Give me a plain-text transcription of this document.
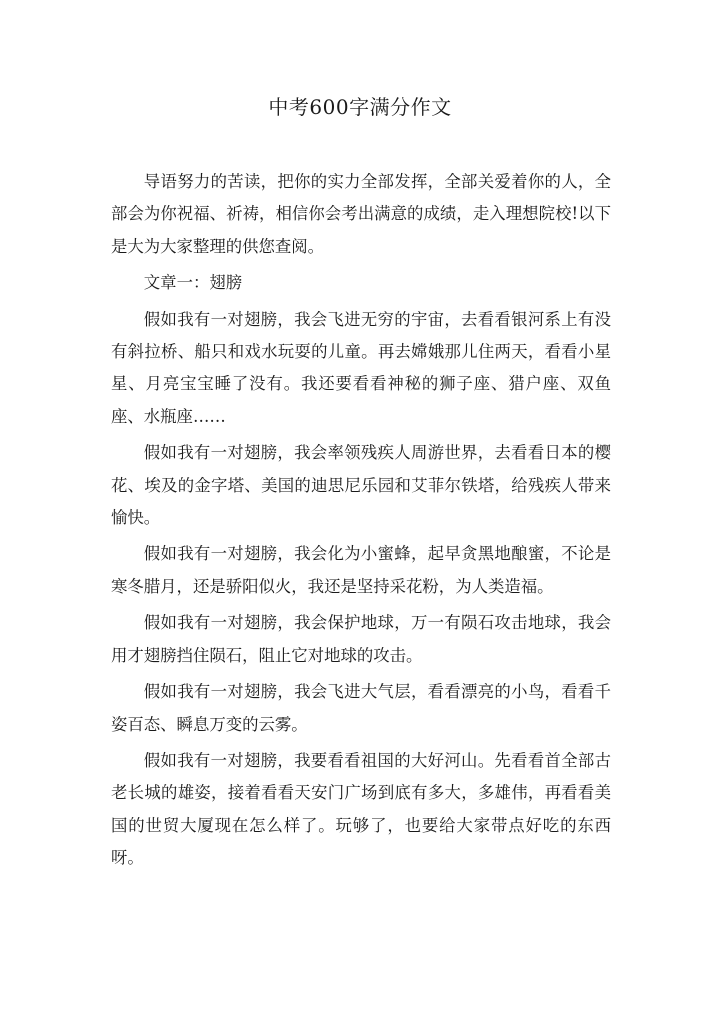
中考600字满分作文

导语努力的苦读，把你的实力全部发挥，全部关爱着你的人，全部会为你祝福、祈祷，相信你会考出满意的成绩，走入理想院校!以下是大为大家整理的供您查阅。

文章一：翅膀

假如我有一对翅膀，我会飞进无穷的宇宙，去看看银河系上有没有斜拉桥、船只和戏水玩耍的儿童。再去嫦娥那儿住两天，看看小星星、月亮宝宝睡了没有。我还要看看神秘的狮子座、猎户座、双鱼座、水瓶座……

假如我有一对翅膀，我会率领残疾人周游世界，去看看日本的樱花、埃及的金字塔、美国的迪思尼乐园和艾菲尔铁塔，给残疾人带来愉快。

假如我有一对翅膀，我会化为小蜜蜂，起早贪黑地酿蜜，不论是寒冬腊月，还是骄阳似火，我还是坚持采花粉，为人类造福。

假如我有一对翅膀，我会保护地球，万一有陨石攻击地球，我会用才翅膀挡住陨石，阻止它对地球的攻击。

假如我有一对翅膀，我会飞进大气层，看看漂亮的小鸟，看看千姿百态、瞬息万变的云雾。

假如我有一对翅膀，我要看看祖国的大好河山。先看看首全部古老长城的雄姿，接着看看天安门广场到底有多大，多雄伟，再看看美国的世贸大厦现在怎么样了。玩够了，也要给大家带点好吃的东西呀。
